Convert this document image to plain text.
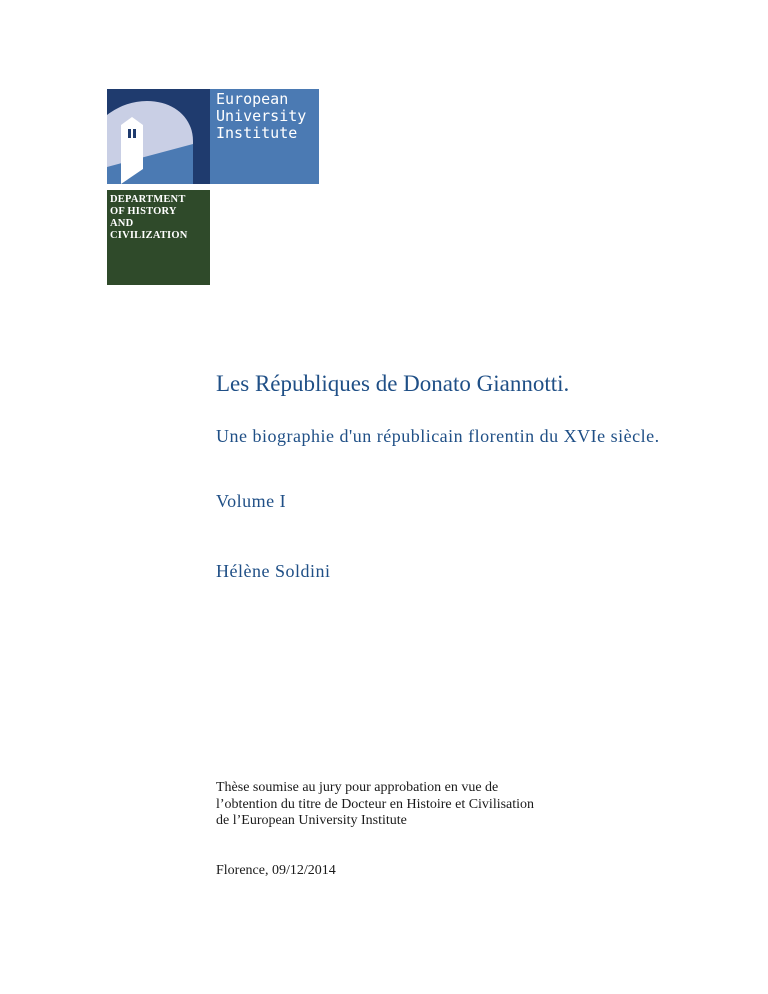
European
University
Institute
DEPARTMENT
OF HISTORY
AND
CIVILIZATION
Les Républiques de Donato Giannotti.

Une biographie d'un républicain florentin du XVIe siècle.

Volume I

Hélène Soldini

Thèse soumise au jury pour approbation en vue de
l’obtention du titre de Docteur en Histoire et Civilisation
de l’European University Institute

Florence, 09/12/2014
